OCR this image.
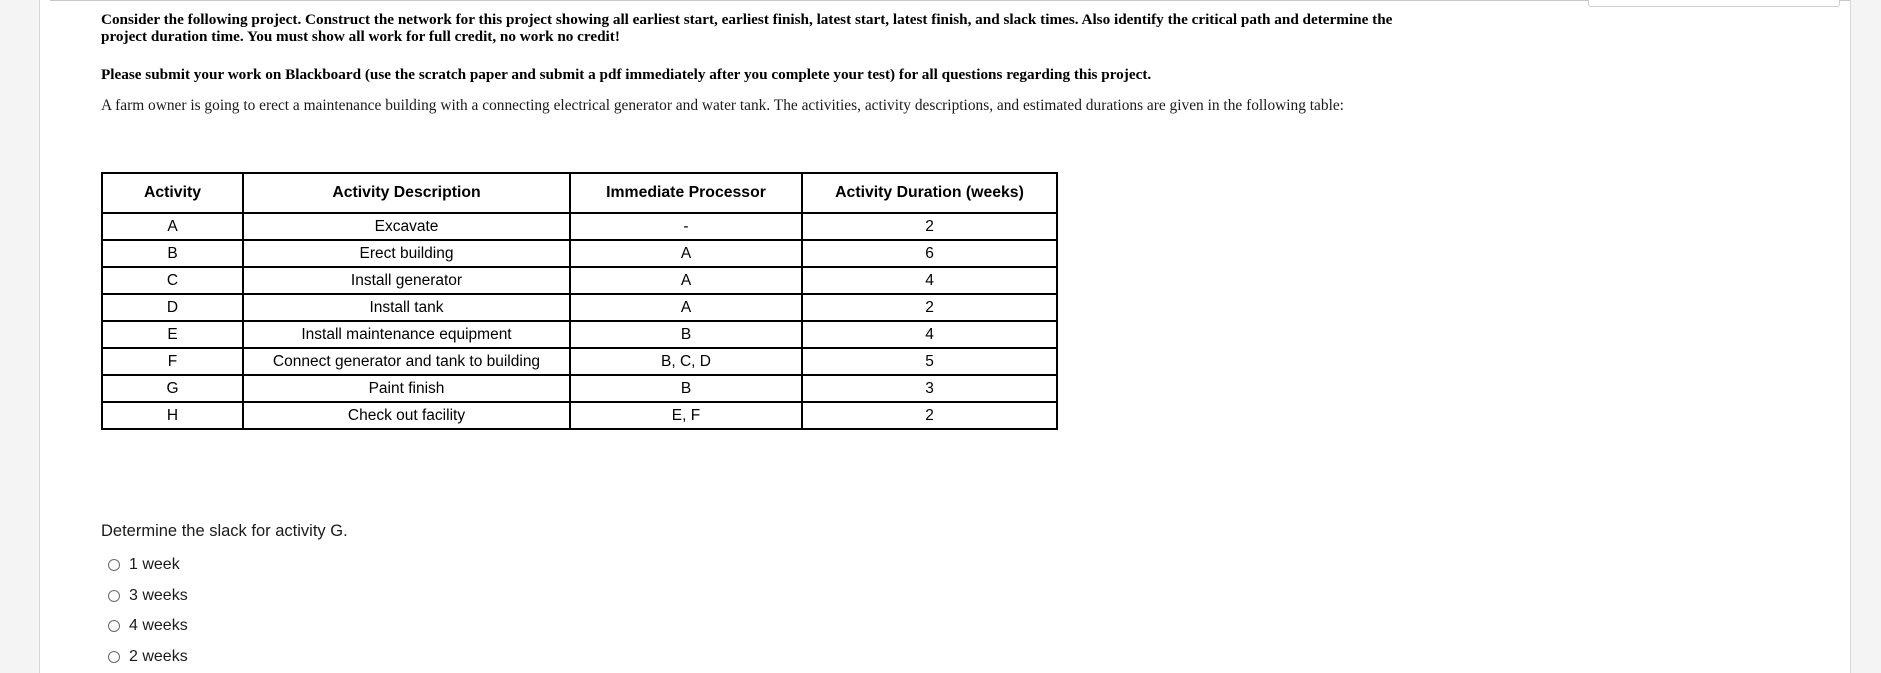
Consider the following project. Construct the network for this project showing all earliest start, earliest finish, latest start, latest finish, and slack times. Also identify the critical path and determine the project duration time. You must show all work for full credit, no work no credit!
Please submit your work on Blackboard (use the scratch paper and submit a pdf immediately after you complete your test) for all questions regarding this project.
A farm owner is going to erect a maintenance building with a connecting electrical generator and water tank. The activities, activity descriptions, and estimated durations are given in the following table:
Activity	Activity Description	Immediate Processor	Activity Duration (weeks)
A	Excavate	-	2
B	Erect building	A	6
C	Install generator	A	4
D	Install tank	A	2
E	Install maintenance equipment	B	4
F	Connect generator and tank to building	B, C, D	5
G	Paint finish	B	3
H	Check out facility	E, F	2
Determine the slack for activity G.
1 week
3 weeks
4 weeks
2 weeks
